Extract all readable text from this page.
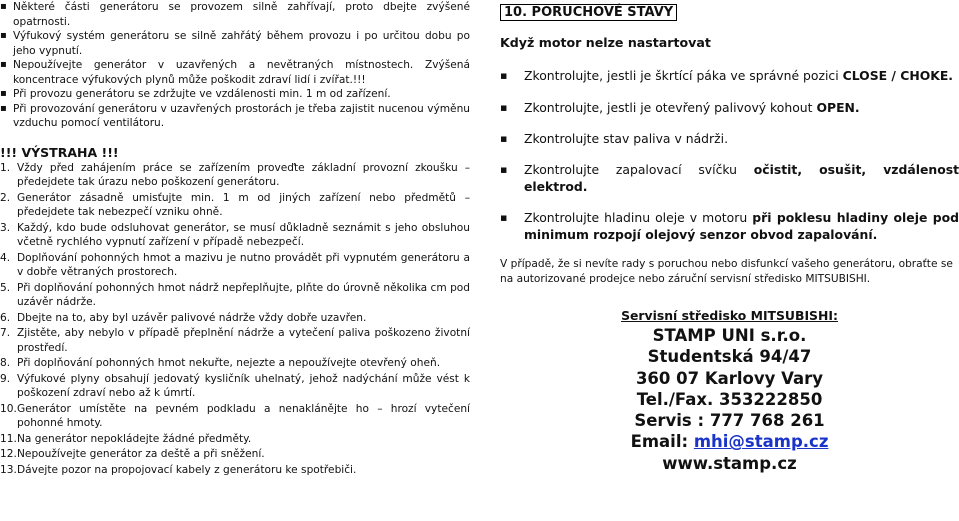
▪ Některé části generátoru se provozem silně zahřívají, proto dbejte zvýšené opatrnosti.
▪ Výfukový systém generátoru se silně zahřátý během provozu i po určitou dobu po jeho vypnutí.
▪ Nepoužívejte generátor v uzavřených a nevětraných místnostech. Zvýšená koncentrace výfukových plynů může poškodit zdraví lidí i zvířat.!!!
▪ Při provozu generátoru se zdržujte ve vzdálenosti min. 1 m od zařízení.
▪ Při provozování generátoru v uzavřených prostorách je třeba zajistit nucenou výměnu vzduchu pomocí ventilátoru.
!!! VÝSTRAHA !!!
1. Vždy před zahájením práce se zařízením proveďte základní provozní zkoušku – předejdete tak úrazu nebo poškození generátoru.
2. Generátor zásadně umisťujte min. 1 m od jiných zařízení nebo předmětů – předejdete tak nebezpečí vzniku ohně.
3. Každý, kdo bude odsluhovat generátor, se musí důkladně seznámit s jeho obsluhou včetně rychlého vypnutí zařízení v případě nebezpečí.
4. Doplňování pohonných hmot a mazivu je nutno provádět při vypnutém generátoru a v dobře větraných prostorech.
5. Při doplňování pohonných hmot nádrž nepřeplňujte, plňte do úrovně několika cm pod uzávěr nádrže.
6. Dbejte na to, aby byl uzávěr palivové nádrže vždy dobře uzavřen.
7. Zjistěte, aby nebylo v případě přeplnění nádrže a vytečení paliva poškozeno životní prostředí.
8. Při doplňování pohonných hmot nekuřte, nejezte a nepoužívejte otevřený oheň.
9. Výfukové plyny obsahují jedovatý kysličník uhelnatý, jehož nadýchání může vést k poškození zdraví nebo až k úmrtí.
10. Generátor umístěte na pevném podkladu a nenaklánějte ho – hrozí vytečení pohonné hmoty.
11. Na generátor nepokládejte žádné předměty.
12. Nepoužívejte generátor za deště a při sněžení.
13. Dávejte pozor na propojovací kabely z generátoru ke spotřebiči.
10. PORUCHOVÉ STAVY
Když motor nelze nastartovat
▪ Zkontrolujte, jestli je škrtící páka ve správné pozici CLOSE / CHOKE.
▪ Zkontrolujte, jestli je otevřený palivový kohout OPEN.
▪ Zkontrolujte stav paliva v nádrži.
▪ Zkontrolujte zapalovací svíčku očistit, osušit, vzdálenost elektrod.
▪ Zkontrolujte hladinu oleje v motoru při poklesu hladiny oleje pod minimum rozpojí olejový senzor obvod zapalování.
V případě, že si nevíte rady s poruchou nebo disfunkcí vašeho generátoru, obraťte se na autorizované prodejce nebo záruční servisní středisko MITSUBISHI.
Servisní středisko MITSUBISHI:
STAMP UNI s.r.o.
Studentská 94/47
360 07 Karlovy Vary
Tel./Fax. 353222850
Servis : 777 768 261
Email: mhi@stamp.cz
www.stamp.cz
